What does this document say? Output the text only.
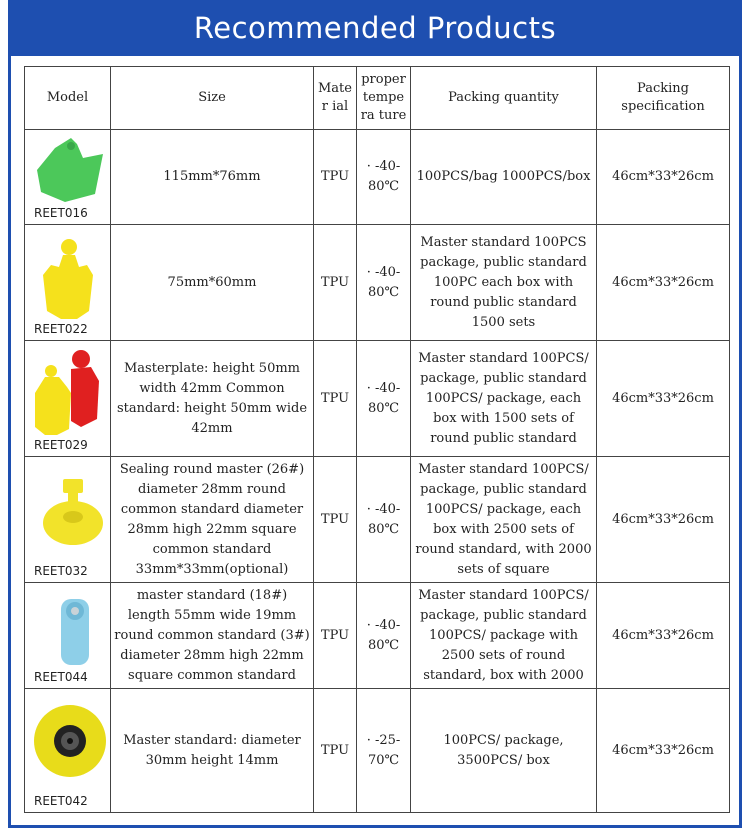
Recommended Products
Model	Size	Mater ial	proper tempera ture	Packing quantity	Packing specification

REET016	115mm*76mm	TPU	· -40- 80℃	100PCS/bag 1000PCS/box	46cm*33*26cm

REET022	75mm*60mm	TPU	· -40- 80℃	Master standard 100PCS package, public standard 100PC each box with round public standard 1500 sets	46cm*33*26cm

REET029	Masterplate: height 50mm width 42mm Common standard: height 50mm wide 42mm	TPU	· -40- 80℃	Master standard 100PCS/ package, public standard 100PCS/ package, each box with 1500 sets of round public standard	46cm*33*26cm

REET032	Sealing round master (26#) diameter 28mm round common standard diameter 28mm high 22mm square common standard 33mm*33mm(optional)	TPU	· -40- 80℃	Master standard 100PCS/ package, public standard 100PCS/ package, each box with 2500 sets of round standard, with 2000 sets of square	46cm*33*26cm

REET044	master standard (18#) length 55mm wide 19mm round common standard (3#) diameter 28mm high 22mm square common standard	TPU	· -40- 80℃	Master standard 100PCS/ package, public standard 100PCS/ package with 2500 sets of round standard, box with 2000	46cm*33*26cm

REET042	Master standard: diameter 30mm height 14mm	TPU	· -25- 70℃	100PCS/ package, 3500PCS/ box	46cm*33*26cm
